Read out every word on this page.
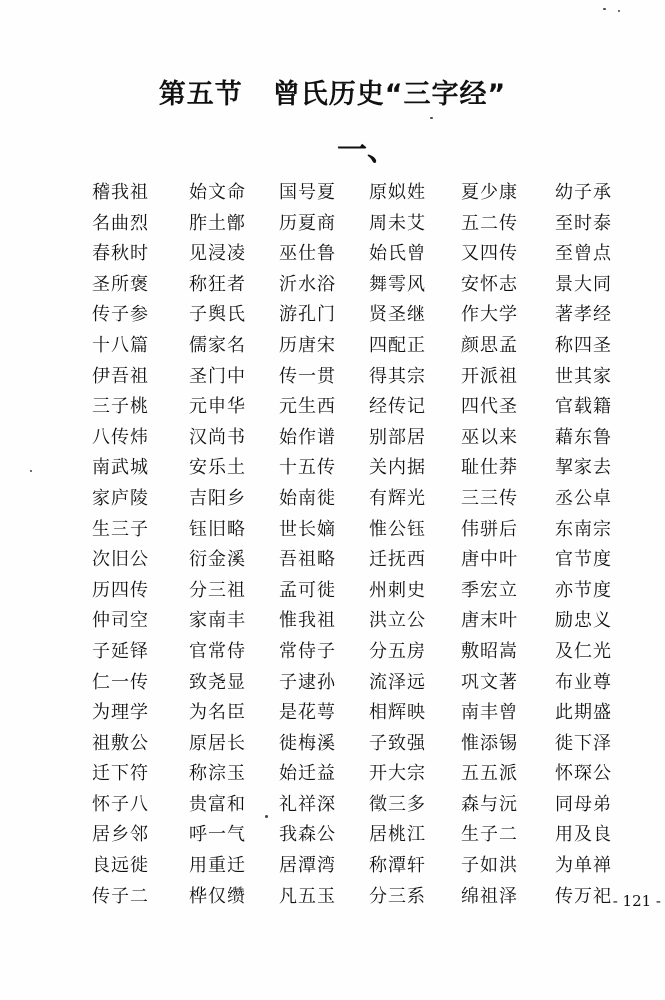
第五节 曾氏历史“三字经”
一、
稽我祖	始文命	国号夏	原姒姓	夏少康	幼子承
名曲烈	胙土鄫	历夏商	周未艾	五二传	至时泰
春秋时	见浸凌	巫仕鲁	始氏曾	又四传	至曾点
圣所褒	称狂者	沂水浴	舞雩风	安怀志	景大同
传子参	子舆氏	游孔门	贤圣继	作大学	著孝经
十八篇	儒家名	历唐宋	四配正	颜思孟	称四圣
伊吾祖	圣门中	传一贯	得其宗	开派祖	世其家
三子桃	元申华	元生西	经传记	四代圣	官载籍
八传炜	汉尚书	始作谱	别部居	巫以来	藉东鲁
南武城	安乐土	十五传	关内据	耻仕莽	挈家去
家庐陵	吉阳乡	始南徙	有辉光	三三传	丞公卓
生三子	钰旧略	世长嫡	惟公钰	伟骈后	东南宗
次旧公	衍金溪	吾祖略	迁抚西	唐中叶	官节度
历四传	分三祖	孟可徙	州刺史	季宏立	亦节度
仲司空	家南丰	惟我祖	洪立公	唐末叶	励忠义
子延铎	官常侍	常侍子	分五房	敷昭嵩	及仁光
仁一传	致尧显	子逮孙	流泽远	巩文著	布业尊
为理学	为名臣	是花萼	相辉映	南丰曾	此期盛
祖敷公	原居长	徙梅溪	子致强	惟添锡	徙下泽
迁下符	称淙玉	始迁益	开大宗	五五派	怀琛公
怀子八	贵富和	礼祥深	徵三多	森与沅	同母弟
居乡邻	呼一气	我森公	居桃江	生子二	用及良
良远徙	用重迁	居潭湾	称潭轩	子如洪	为单禅
传子二	桦仅缵	凡五玉	分三系	绵祖泽	传万祀 - 121 -
